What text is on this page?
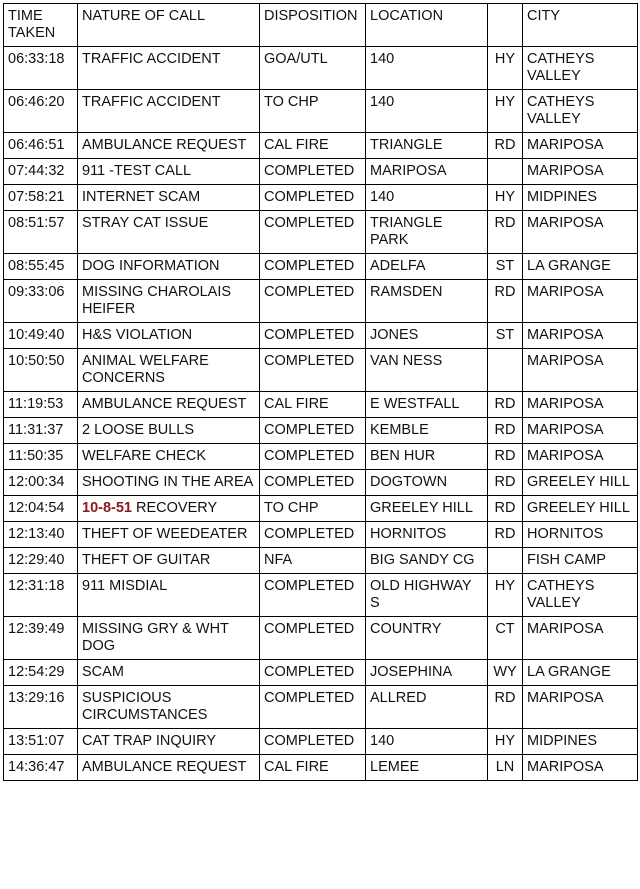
TIME TAKEN	NATURE OF CALL	DISPOSITION	LOCATION		CITY
06:33:18	TRAFFIC ACCIDENT	GOA/UTL	140	HY	CATHEYS VALLEY
06:46:20	TRAFFIC ACCIDENT	TO CHP	140	HY	CATHEYS VALLEY
06:46:51	AMBULANCE REQUEST	CAL FIRE	TRIANGLE	RD	MARIPOSA
07:44:32	911 -TEST CALL	COMPLETED	MARIPOSA		MARIPOSA
07:58:21	INTERNET SCAM	COMPLETED	140	HY	MIDPINES
08:51:57	STRAY CAT ISSUE	COMPLETED	TRIANGLE PARK	RD	MARIPOSA
08:55:45	DOG INFORMATION	COMPLETED	ADELFA	ST	LA GRANGE
09:33:06	MISSING CHAROLAIS HEIFER	COMPLETED	RAMSDEN	RD	MARIPOSA
10:49:40	H&S VIOLATION	COMPLETED	JONES	ST	MARIPOSA
10:50:50	ANIMAL WELFARE CONCERNS	COMPLETED	VAN NESS		MARIPOSA
11:19:53	AMBULANCE REQUEST	CAL FIRE	E WESTFALL	RD	MARIPOSA
11:31:37	2 LOOSE BULLS	COMPLETED	KEMBLE	RD	MARIPOSA
11:50:35	WELFARE CHECK	COMPLETED	BEN HUR	RD	MARIPOSA
12:00:34	SHOOTING IN THE AREA	COMPLETED	DOGTOWN	RD	GREELEY HILL
12:04:54	10-8-51 RECOVERY	TO CHP	GREELEY HILL	RD	GREELEY HILL
12:13:40	THEFT OF WEEDEATER	COMPLETED	HORNITOS	RD	HORNITOS
12:29:40	THEFT OF GUITAR	NFA	BIG SANDY CG		FISH CAMP
12:31:18	911 MISDIAL	COMPLETED	OLD HIGHWAY S	HY	CATHEYS VALLEY
12:39:49	MISSING GRY & WHT DOG	COMPLETED	COUNTRY	CT	MARIPOSA
12:54:29	SCAM	COMPLETED	JOSEPHINA	WY	LA GRANGE
13:29:16	SUSPICIOUS CIRCUMSTANCES	COMPLETED	ALLRED	RD	MARIPOSA
13:51:07	CAT TRAP INQUIRY	COMPLETED	140	HY	MIDPINES
14:36:47	AMBULANCE REQUEST	CAL FIRE	LEMEE	LN	MARIPOSA
